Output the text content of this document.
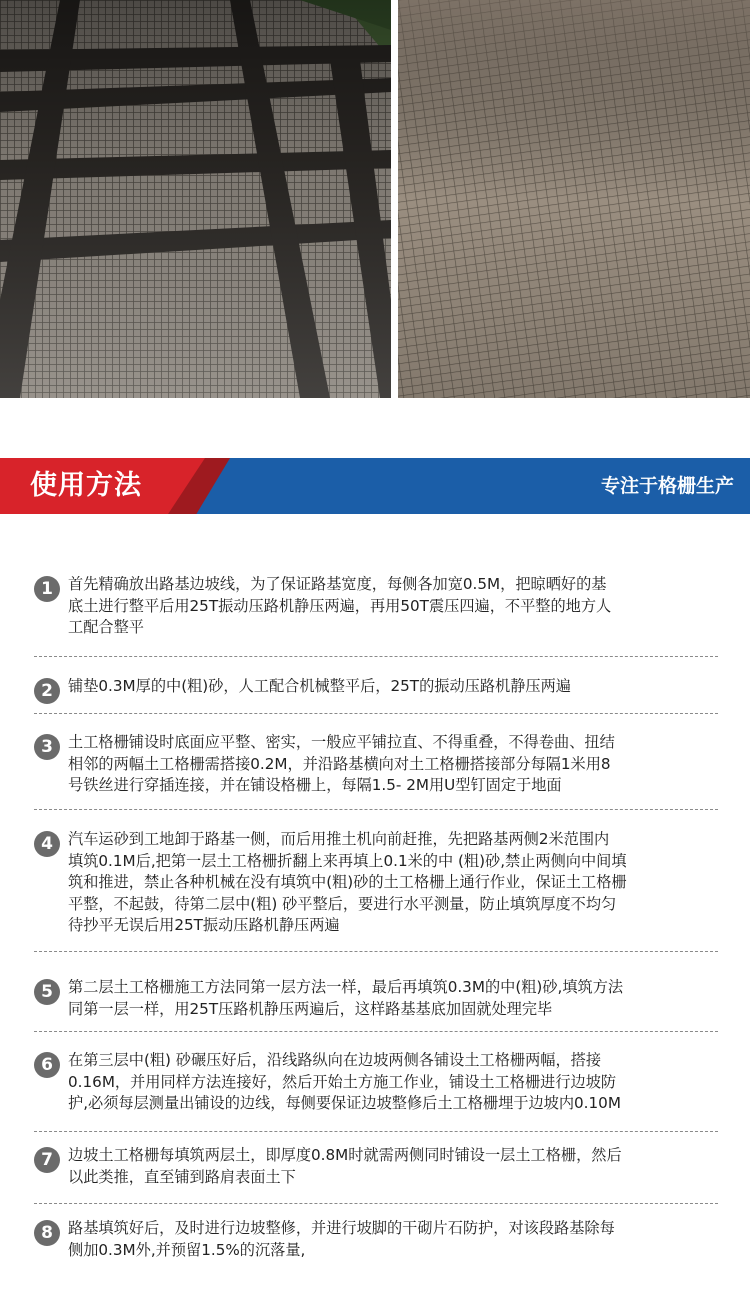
使用方法	专注于格栅生产
1 首先精确放出路基边坡线，为了保证路基宽度，每侧各加宽0.5M，把晾晒好的基
底土进行整平后用25T振动压路机静压两遍，再用50T震压四遍，不平整的地方人
工配合整平
2 铺垫0.3M厚的中(粗)砂，人工配合机械整平后，25T的振动压路机静压两遍
3 土工格栅铺设时底面应平整、密实，一般应平铺拉直、不得重叠，不得卷曲、扭结
相邻的两幅土工格栅需搭接0.2M，并沿路基横向对土工格栅搭接部分每隔1米用8
号铁丝进行穿插连接，并在铺设格栅上，每隔1.5- 2M用U型钉固定于地面
4 汽车运砂到工地卸于路基一侧，而后用推土机向前赶推，先把路基两侧2米范围内
填筑0.1M后,把第一层土工格栅折翻上来再填上0.1米的中 (粗)砂,禁止两侧向中间填
筑和推进，禁止各种机械在没有填筑中(粗)砂的土工格栅上通行作业，保证土工格栅
平整，不起鼓，待第二层中(粗) 砂平整后，要进行水平测量，防止填筑厚度不均匀
待抄平无误后用25T振动压路机静压两遍
5 第二层土工格栅施工方法同第一层方法一样，最后再填筑0.3M的中(粗)砂,填筑方法
同第一层一样，用25T压路机静压两遍后，这样路基基底加固就处理完毕
6 在第三层中(粗) 砂碾压好后，沿线路纵向在边坡两侧各铺设土工格栅两幅，搭接
0.16M，并用同样方法连接好，然后开始土方施工作业，铺设土工格栅进行边坡防
护,必须每层测量出铺设的边线，每侧要保证边坡整修后土工格栅埋于边坡内0.10M
7 边坡土工格栅每填筑两层土，即厚度0.8M时就需两侧同时铺设一层土工格栅，然后
以此类推，直至铺到路肩表面土下
8 路基填筑好后，及时进行边坡整修，并进行坡脚的干砌片石防护，对该段路基除每
侧加0.3M外,并预留1.5%的沉落量,
